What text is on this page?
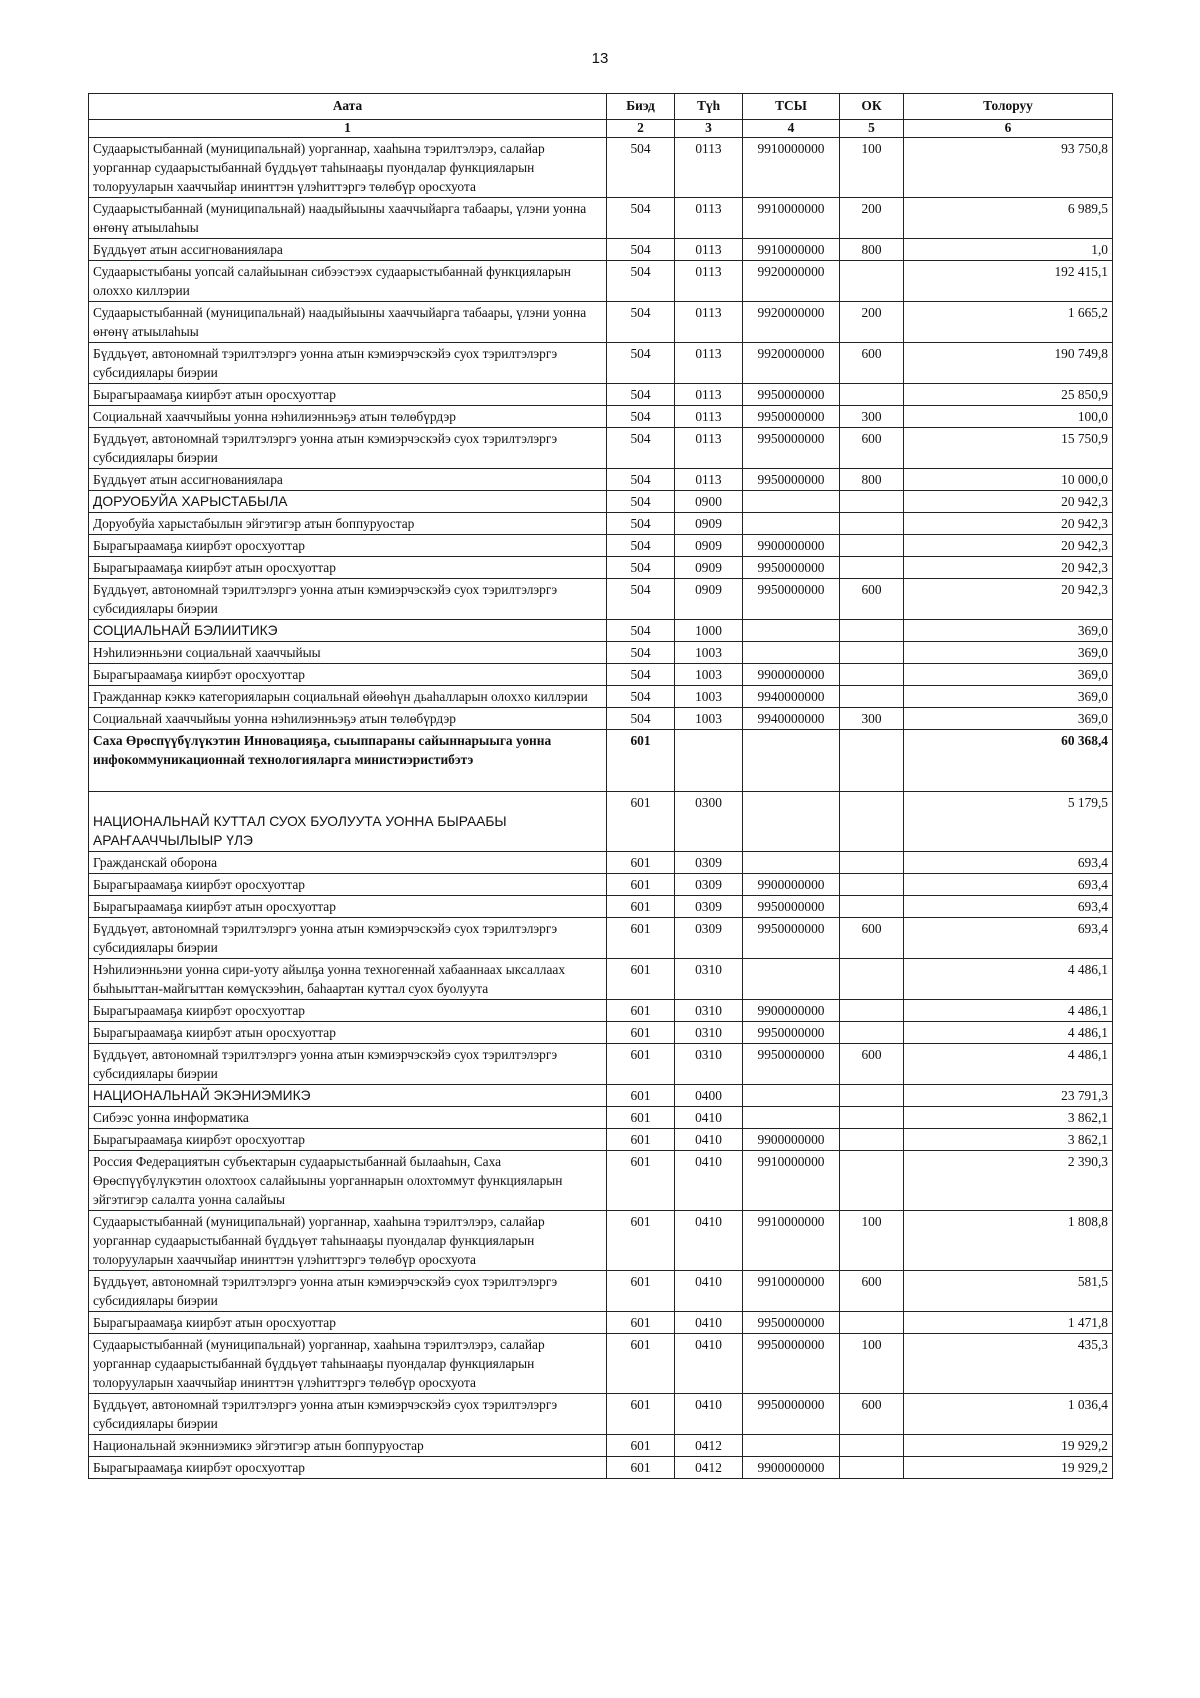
13
Аата	Биэд	Түһ	ТСЫ	ОК	Толоруу
1	2	3	4	5	6
Судаарыстыбаннай (муниципальнай) уорганнар, хааһына тэрилтэлэрэ, салайар уорганнар судаарыстыбаннай бүддьүөт таһынааҕы пуондалар функцияларын толорууларын хааччыйар ининттэн үлэһиттэргэ төлөбүр оросхуота	504	0113	9910000000	100	93 750,8
Судаарыстыбаннай (муниципальнай) наадыйыыны хааччыйарга табаары, үлэни уонна өҥөнү атыылаһыы	504	0113	9910000000	200	6 989,5
Бүддьүөт атын ассигнованиялара	504	0113	9910000000	800	1,0
Судаарыстыбаны уопсай салайыынан сибээстээх судаарыстыбаннай функцияларын олохxo киллэрии	504	0113	9920000000		192 415,1
Судаарыстыбаннай (муниципальнай) наадыйыыны хааччыйарга табаары, үлэни уонна өҥөнү атыылаһыы	504	0113	9920000000	200	1 665,2
Бүддьүөт, автономнай тэрилтэлэргэ уонна атын кэмиэрчэскэйэ суох тэрилтэлэргэ субсидиялары биэрии	504	0113	9920000000	600	190 749,8
Бырагыраамаҕа киирбэт атын оросхуоттар	504	0113	9950000000		25 850,9
Социальнай хааччыйыы уонна нэһилиэнньэҕэ атын төлөбүрдэр	504	0113	9950000000	300	100,0
Бүддьүөт, автономнай тэрилтэлэргэ уонна атын кэмиэрчэскэйэ суох тэрилтэлэргэ субсидиялары биэрии	504	0113	9950000000	600	15 750,9
Бүддьүөт атын ассигнованиялара	504	0113	9950000000	800	10 000,0
ДОРУОБУЙА ХАРЫСТАБЫЛА	504	0900			20 942,3
Доруобуйа харыстабылын эйгэтигэр атын боппуруостар	504	0909			20 942,3
Бырагыраамаҕа киирбэт оросхуоттар	504	0909	9900000000		20 942,3
Бырагыраамаҕа киирбэт атын оросхуоттар	504	0909	9950000000		20 942,3
Бүддьүөт, автономнай тэрилтэлэргэ уонна атын кэмиэрчэскэйэ суох тэрилтэлэргэ субсидиялары биэрии	504	0909	9950000000	600	20 942,3
СОЦИАЛЬНАЙ БЭЛИИТИКЭ	504	1000			369,0
Нэһилиэнньэни социальнай хааччыйыы	504	1003			369,0
Бырагыраамаҕа киирбэт оросхуоттар	504	1003	9900000000		369,0
Гражданнар кэккэ категорияларын социальнай өйөөһүн дьаһалларын олохxo киллэрии	504	1003	9940000000		369,0
Социальнай хааччыйыы уонна нэһилиэнньэҕэ атын төлөбүрдэр	504	1003	9940000000	300	369,0
Саха Өрөспүүбүлүкэтин Инновацияҕа, сыыппараны сайыннарыыга уонна инфокоммуникационнай технологияларга министиэристибэтэ	601				60 368,4
НАЦИОНАЛЬНАЙ КУТТАЛ СУОХ БУОЛУУТА УОННА БЫРААБЫ АРАҤААЧЧЫЛЫЫР ҮЛЭ	601	0300			5 179,5
Гражданскай оборона	601	0309			693,4
Бырагыраамаҕа киирбэт оросхуоттар	601	0309	9900000000		693,4
Бырагыраамаҕа киирбэт атын оросхуоттар	601	0309	9950000000		693,4
Бүддьүөт, автономнай тэрилтэлэргэ уонна атын кэмиэрчэскэйэ суох тэрилтэлэргэ субсидиялары биэрии	601	0309	9950000000	600	693,4
Нэһилиэнньэни уонна сири-уоту айылҕа уонна техногеннай хабааннаах ыксаллаах быһыыттан-майгыттан көмүскээһин, баһаартан куттал суох буолуута	601	0310			4 486,1
Бырагыраамаҕа киирбэт оросхуоттар	601	0310	9900000000		4 486,1
Бырагыраамаҕа киирбэт атын оросхуоттар	601	0310	9950000000		4 486,1
Бүддьүөт, автономнай тэрилтэлэргэ уонна атын кэмиэрчэскэйэ суох тэрилтэлэргэ субсидиялары биэрии	601	0310	9950000000	600	4 486,1
НАЦИОНАЛЬНАЙ ЭКЭНИЭМИКЭ	601	0400			23 791,3
Сибээс уонна информатика	601	0410			3 862,1
Бырагыраамаҕа киирбэт оросхуоттар	601	0410	9900000000		3 862,1
Россия Федерациятын субъектарын судаарыстыбаннай былааһын, Саха Өрөспүүбүлүкэтин олохтоох салайыыны уорганнарын олохтоммут функцияларын эйгэтигэр салалта уонна салайыы	601	0410	9910000000		2 390,3
Судаарыстыбаннай (муниципальнай) уорганнар, хааһына тэрилтэлэрэ, салайар уорганнар судаарыстыбаннай бүддьүөт таһынааҕы пуондалар функцияларын толорууларын хааччыйар ининттэн үлэһиттэргэ төлөбүр оросхуота	601	0410	9910000000	100	1 808,8
Бүддьүөт, автономнай тэрилтэлэргэ уонна атын кэмиэрчэскэйэ суох тэрилтэлэргэ субсидиялары биэрии	601	0410	9910000000	600	581,5
Бырагыраамаҕа киирбэт атын оросхуоттар	601	0410	9950000000		1 471,8
Судаарыстыбаннай (муниципальнай) уорганнар, хааһына тэрилтэлэрэ, салайар уорганнар судаарыстыбаннай бүддьүөт таһынааҕы пуондалар функцияларын толорууларын хааччыйар ининттэн үлэһиттэргэ төлөбүр оросхуота	601	0410	9950000000	100	435,3
Бүддьүөт, автономнай тэрилтэлэргэ уонна атын кэмиэрчэскэйэ суох тэрилтэлэргэ субсидиялары биэрии	601	0410	9950000000	600	1 036,4
Национальнай экэнниэмикэ эйгэтигэр атын боппуруостар	601	0412			19 929,2
Бырагыраамаҕа киирбэт оросхуоттар	601	0412	9900000000		19 929,2
